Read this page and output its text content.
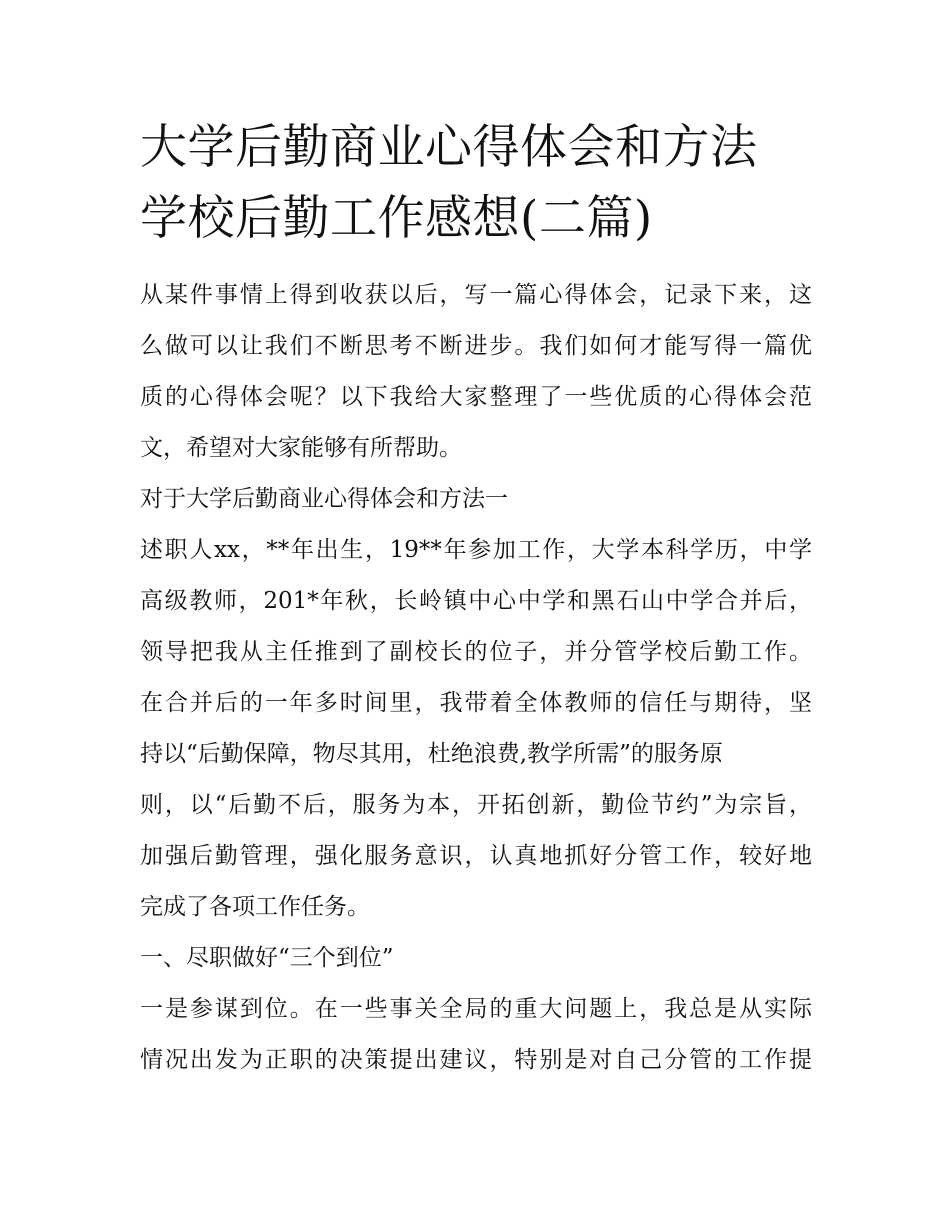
大学后勤商业心得体会和方法
学校后勤工作感想(二篇)
从某件事情上得到收获以后，写一篇心得体会，记录下来，这
么做可以让我们不断思考不断进步。我们如何才能写得一篇优
质的心得体会呢？以下我给大家整理了一些优质的心得体会范
文，希望对大家能够有所帮助。
对于大学后勤商业心得体会和方法一
述职人xx，**年出生，19**年参加工作，大学本科学历，中学
高级教师，201*年秋，长岭镇中心中学和黑石山中学合并后，
领导把我从主任推到了副校长的位子，并分管学校后勤工作。
在合并后的一年多时间里，我带着全体教师的信任与期待，坚
持以“后勤保障，物尽其用，杜绝浪费,教学所需”的服务原
则，以“后勤不后，服务为本，开拓创新，勤俭节约”为宗旨，
加强后勤管理，强化服务意识，认真地抓好分管工作，较好地
完成了各项工作任务。
一、尽职做好“三个到位”
一是参谋到位。在一些事关全局的重大问题上，我总是从实际
情况出发为正职的决策提出建议，特别是对自己分管的工作提
